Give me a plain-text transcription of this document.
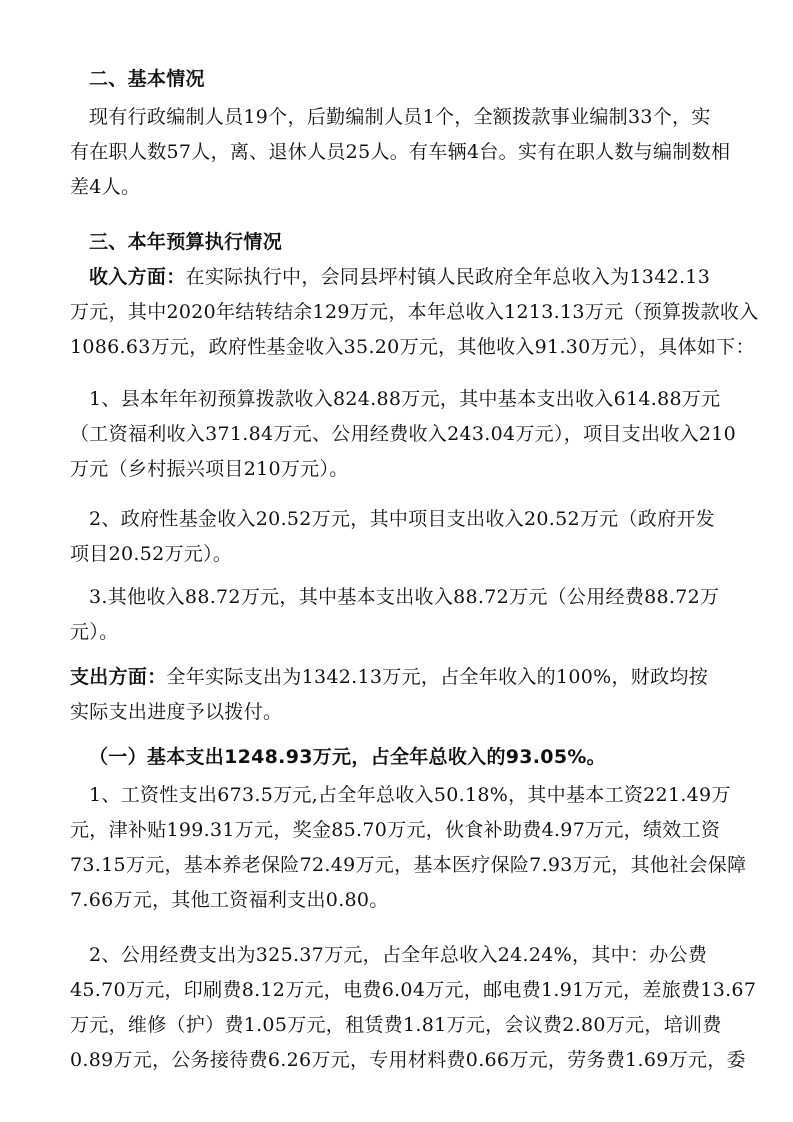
二、基本情况
现有行政编制人员19个，后勤编制人员1个，全额拨款事业编制33个，实
有在职人数57人，离、退休人员25人。有车辆4台。实有在职人数与编制数相
差4人。
三、本年预算执行情况
收入方面：在实际执行中，会同县坪村镇人民政府全年总收入为1342.13
万元，其中2020年结转结余129万元，本年总收入1213.13万元（预算拨款收入
1086.63万元，政府性基金收入35.20万元，其他收入91.30万元），具体如下：
1、县本年年初预算拨款收入824.88万元，其中基本支出收入614.88万元
（工资福利收入371.84万元、公用经费收入243.04万元），项目支出收入210
万元（乡村振兴项目210万元）。
2、政府性基金收入20.52万元，其中项目支出收入20.52万元（政府开发
项目20.52万元）。
3.其他收入88.72万元，其中基本支出收入88.72万元（公用经费88.72万
元）。
支出方面：全年实际支出为1342.13万元，占全年收入的100%，财政均按
实际支出进度予以拨付。
（一）基本支出1248.93万元，占全年总收入的93.05%。
1、工资性支出673.5万元,占全年总收入50.18%，其中基本工资221.49万
元，津补贴199.31万元，奖金85.70万元，伙食补助费4.97万元，绩效工资
73.15万元，基本养老保险72.49万元，基本医疗保险7.93万元，其他社会保障
7.66万元，其他工资福利支出0.80。
2、公用经费支出为325.37万元，占全年总收入24.24%，其中：办公费
45.70万元，印刷费8.12万元，电费6.04万元，邮电费1.91万元，差旅费13.67
万元，维修（护）费1.05万元，租赁费1.81万元，会议费2.80万元，培训费
0.89万元，公务接待费6.26万元，专用材料费0.66万元，劳务费1.69万元，委
